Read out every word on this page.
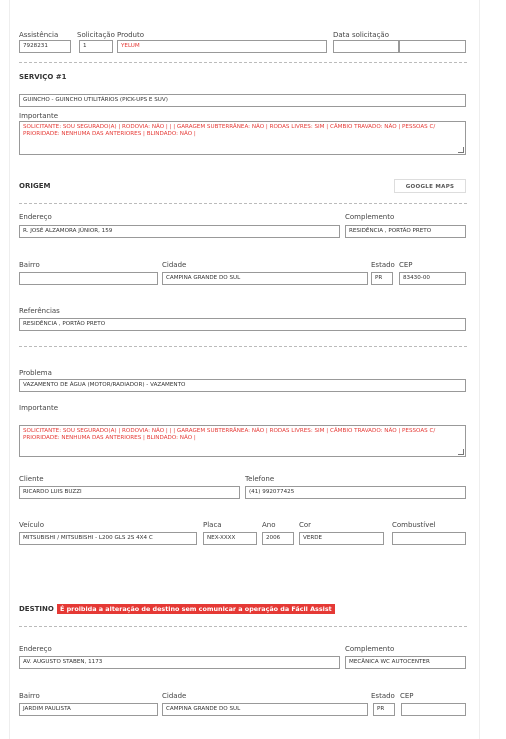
Assistência
7928231
Solicitação
1
Produto
YELUM
Data solicitação
SERVIÇO #1
GUINCHO - GUINCHO UTILITÁRIOS (PICK-UPS E SUV)
Importante
SOLICITANTE: SOU SEGURADO(A) | RODOVIA: NÃO | | | GARAGEM SUBTERRÂNEA: NÃO | RODAS LIVRES: SIM | CÂMBIO TRAVADO: NÃO | PESSOAS C/ PRIORIDADE: NENHUMA DAS ANTERIORES | BLINDADO: NÃO |
ORIGEM	GOOGLE MAPS
Endereço
R. JOSÉ ALZAMORA JÚNIOR, 159
Complemento
RESIDÊNCIA , PORTÃO PRETO
Bairro	Cidade
CAMPINA GRANDE DO SUL
Estado
PR
CEP
83430-00
Referências
RESIDÊNCIA , PORTÃO PRETO
Problema
VAZAMENTO DE ÁGUA (MOTOR/RADIADOR) - VAZAMENTO
Importante
SOLICITANTE: SOU SEGURADO(A) | RODOVIA: NÃO | | | GARAGEM SUBTERRÂNEA: NÃO | RODAS LIVRES: SIM | CÂMBIO TRAVADO: NÃO | PESSOAS C/ PRIORIDADE: NENHUMA DAS ANTERIORES | BLINDADO: NÃO |
Cliente
RICARDO LUIS BUZZI
Telefone
(41) 992077425
Veículo
MITSUBISHI / MITSUBISHI - L200 GLS 2S 4X4 C
Placa
NEX-XXXX
Ano
2006
Cor
VERDE
Combustível
DESTINO É proibida a alteração de destino sem comunicar a operação da Fácil Assist
Endereço
AV. AUGUSTO STABEN, 1173
Complemento
MECÂNICA WC AUTOCENTER
Bairro
JARDIM PAULISTA
Cidade
CAMPINA GRANDE DO SUL
Estado
PR
CEP
